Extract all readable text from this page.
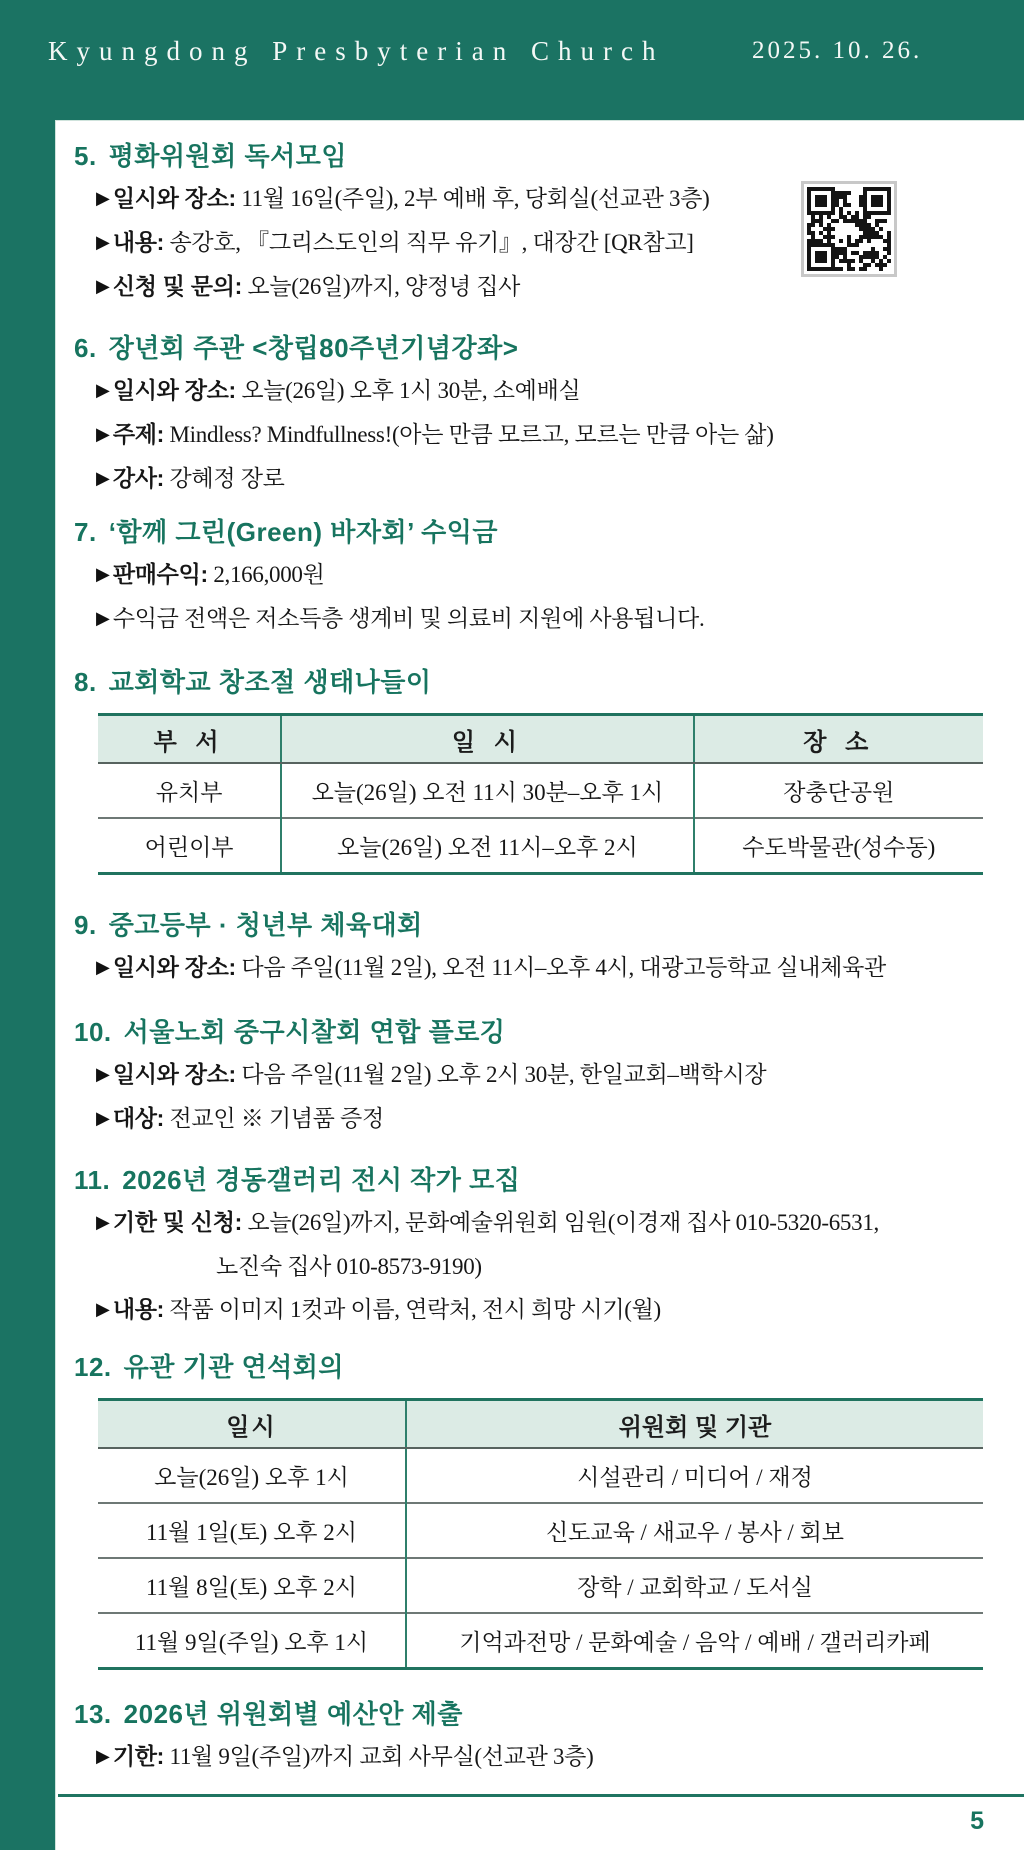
Kyungdong Presbyterian Church	2025. 10. 26.
5. 평화위원회 독서모임
▶ 일시와 장소: 11월 16일(주일), 2부 예배 후, 당회실(선교관 3층)
▶ 내용: 송강호, 『그리스도인의 직무 유기』, 대장간 [QR참고]
▶ 신청 및 문의: 오늘(26일)까지, 양정녕 집사
6. 장년회 주관 <창립80주년기념강좌>
▶ 일시와 장소: 오늘(26일) 오후 1시 30분, 소예배실
▶ 주제: Mindless? Mindfullness!(아는 만큼 모르고, 모르는 만큼 아는 삶)
▶ 강사: 강혜정 장로
7. ‘함께 그린(Green) 바자회’ 수익금
▶ 판매수익: 2,166,000원
▶ 수익금 전액은 저소득층 생계비 및 의료비 지원에 사용됩니다.
8. 교회학교 창조절 생태나들이
부 서	일 시	장 소
유치부	오늘(26일) 오전 11시 30분–오후 1시	장충단공원
어린이부	오늘(26일) 오전 11시–오후 2시	수도박물관(성수동)
9. 중고등부 · 청년부 체육대회
▶ 일시와 장소: 다음 주일(11월 2일), 오전 11시–오후 4시, 대광고등학교 실내체육관
10. 서울노회 중구시찰회 연합 플로깅
▶ 일시와 장소: 다음 주일(11월 2일) 오후 2시 30분, 한일교회–백학시장
▶ 대상: 전교인 ※ 기념품 증정
11. 2026년 경동갤러리 전시 작가 모집
▶ 기한 및 신청: 오늘(26일)까지, 문화예술위원회 임원(이경재 집사 010-5320-6531,
노진숙 집사 010-8573-9190)
▶ 내용: 작품 이미지 1컷과 이름, 연락처, 전시 희망 시기(월)
12. 유관 기관 연석회의
일시	위원회 및 기관
오늘(26일) 오후 1시	시설관리 / 미디어 / 재정
11월 1일(토) 오후 2시	신도교육 / 새교우 / 봉사 / 회보
11월 8일(토) 오후 2시	장학 / 교회학교 / 도서실
11월 9일(주일) 오후 1시	기억과전망 / 문화예술 / 음악 / 예배 / 갤러리카페
13. 2026년 위원회별 예산안 제출
▶ 기한: 11월 9일(주일)까지 교회 사무실(선교관 3층)
5
